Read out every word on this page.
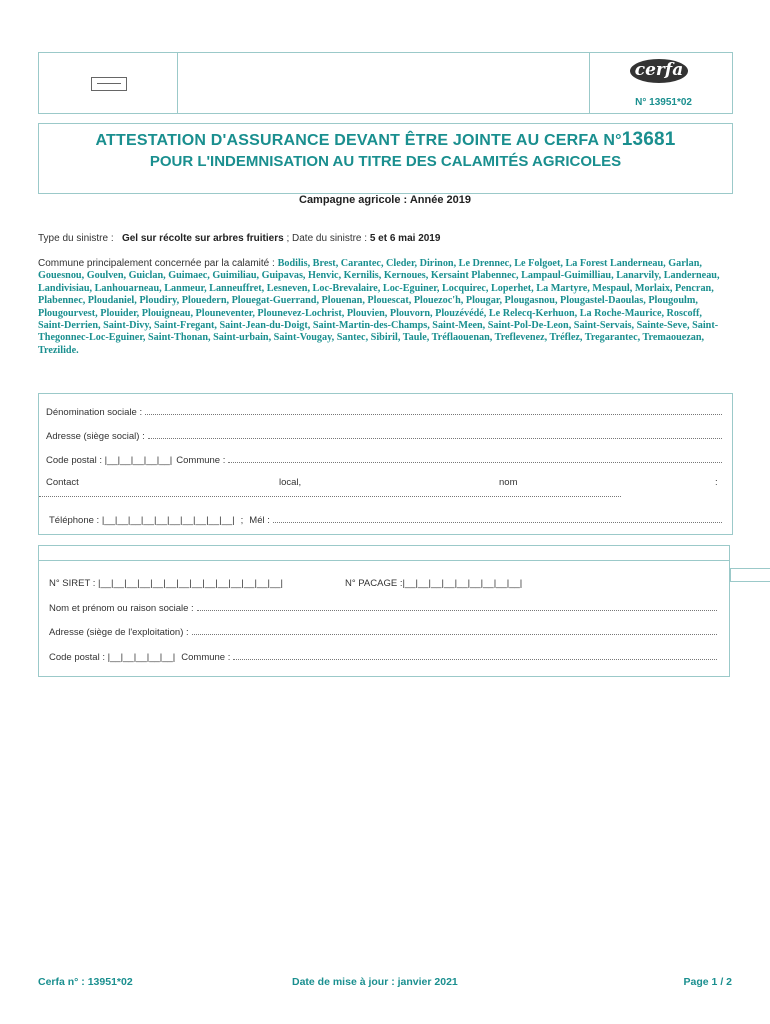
cerfa
N° 13951*02
ATTESTATION D'ASSURANCE DEVANT ÊTRE JOINTE AU CERFA N°13681
POUR L'INDEMNISATION AU TITRE DES CALAMITÉS AGRICOLES
Campagne agricole : Année 2019
Type du sinistre : Gel sur récolte sur arbres fruitiers ; Date du sinistre : 5 et 6 mai 2019
Commune principalement concernée par la calamité : Bodilis, Brest, Carantec, Cleder, Dirinon, Le Drennec, Le Folgoet, La Forest Landerneau, Garlan, Gouesnou, Goulven, Guiclan, Guimaec, Guimiliau, Guipavas, Henvic, Kernilis, Kernoues, Kersaint Plabennec, Lampaul-Guimilliau, Lanarvily, Landerneau, Landivisiau, Lanhouarneau, Lanmeur, Lanneuffret, Lesneven, Loc-Brevalaire, Loc-Eguiner, Locquirec, Loperhet, La Martyre, Mespaul, Morlaix, Pencran, Plabennec, Ploudaniel, Ploudiry, Plouedern, Plouegat-Guerrand, Plouenan, Plouescat, Plouezoc'h, Plougar, Plougasnou, Plougastel-Daoulas, Plougoulm, Plougourvest, Plouider, Plouigneau, Plouneventer, Plounevez-Lochrist, Plouvien, Plouvorn, Plouzévédé, Le Relecq-Kerhuon, La Roche-Maurice, Roscoff, Saint-Derrien, Saint-Divy, Saint-Fregant, Saint-Jean-du-Doigt, Saint-Martin-des-Champs, Saint-Meen, Saint-Pol-De-Leon, Saint-Servais, Sainte-Seve, Saint-Thegonnec-Loc-Eguiner, Saint-Thonan, Saint-urbain, Saint-Vougay, Santec, Sibiril, Taule, Tréflaouenan, Treflevenez, Tréflez, Tregarantec, Tremaouezan, Trezilide.
Dénomination sociale :
Adresse (siège social) :
Code postal : |__|__|__|__|__| Commune :
Contact	local,	nom	:
Téléphone : |__|__|__|__|__|__|__|__|__|__| ; Mél :
N° SIRET : |__|__|__|__|__|__|__|__|__|__|__|__|__|__|	N° PACAGE :|__|__|__|__|__|__|__|__|__|
Nom et prénom ou raison sociale :
Adresse (siège de l'exploitation) :
Code postal : |__|__|__|__|__| Commune :
Cerfa n° : 13951*02	Date de mise à jour : janvier 2021	Page 1 / 2
